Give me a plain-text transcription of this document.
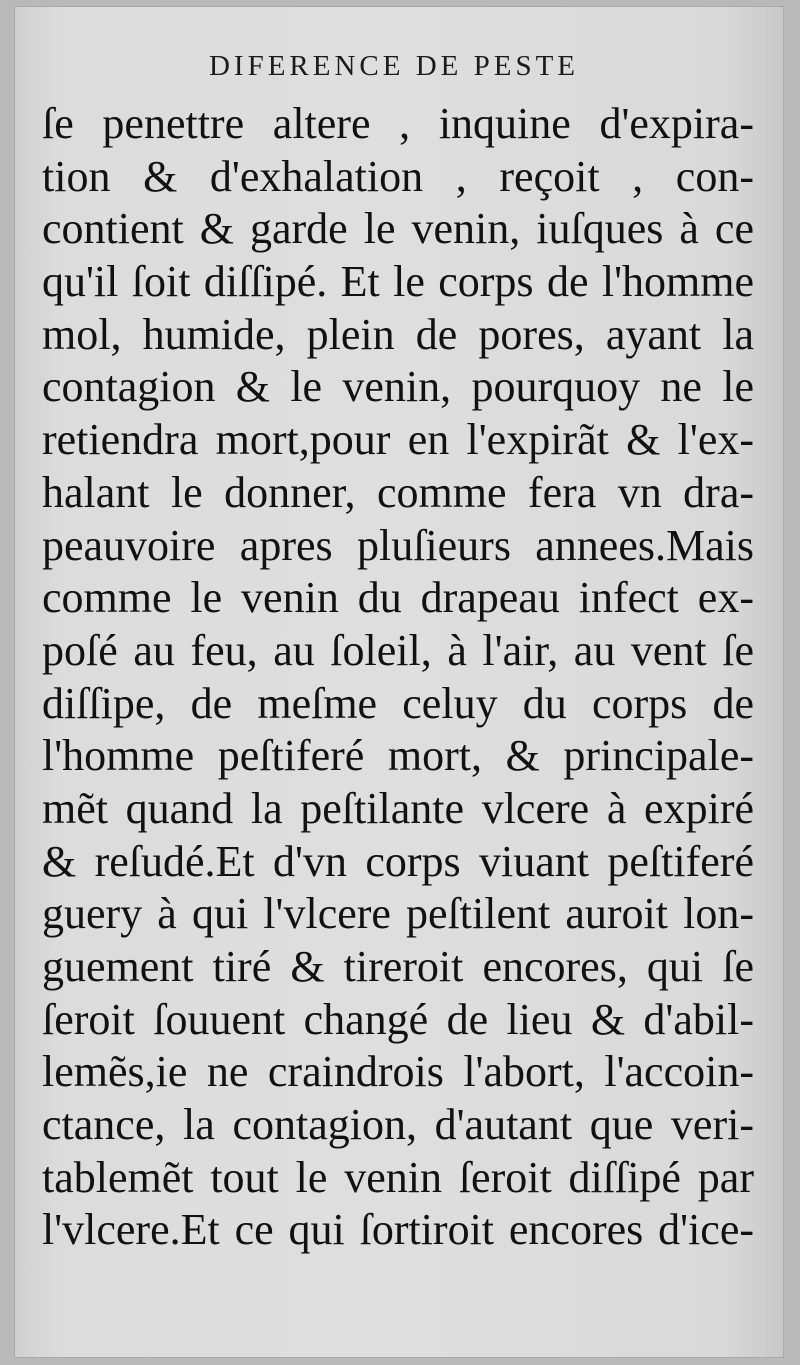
DIFERENCE DE PESTE
ſe penettre altere , inquine d'expira-
tion & d'exhalation , reçoit , con-
contient & garde le venin, iuſques à ce
qu'il ſoit diſſipé. Et le corps de l'homme
mol, humide, plein de pores, ayant la
contagion & le venin, pourquoy ne le
retiendra mort,pour en l'expirãt & l'ex-
halant le donner, comme fera vn dra-
peauvoire apres pluſieurs annees.Mais
comme le venin du drapeau infect ex-
poſé au feu, au ſoleil, à l'air, au vent ſe
diſſipe, de meſme celuy du corps de
l'homme peſtiferé mort, & principale-
mẽt quand la peſtilante vlcere à expiré
& reſudé.Et d'vn corps viuant peſtiferé
guery à qui l'vlcere peſtilent auroit lon-
guement tiré & tireroit encores, qui ſe
ſeroit ſouuent changé de lieu & d'abil-
lemẽs,ie ne craindrois l'abort, l'accoin-
ctance, la contagion, d'autant que veri-
tablemẽt tout le venin ſeroit diſſipé par
l'vlcere.Et ce qui ſortiroit encores d'ice-
